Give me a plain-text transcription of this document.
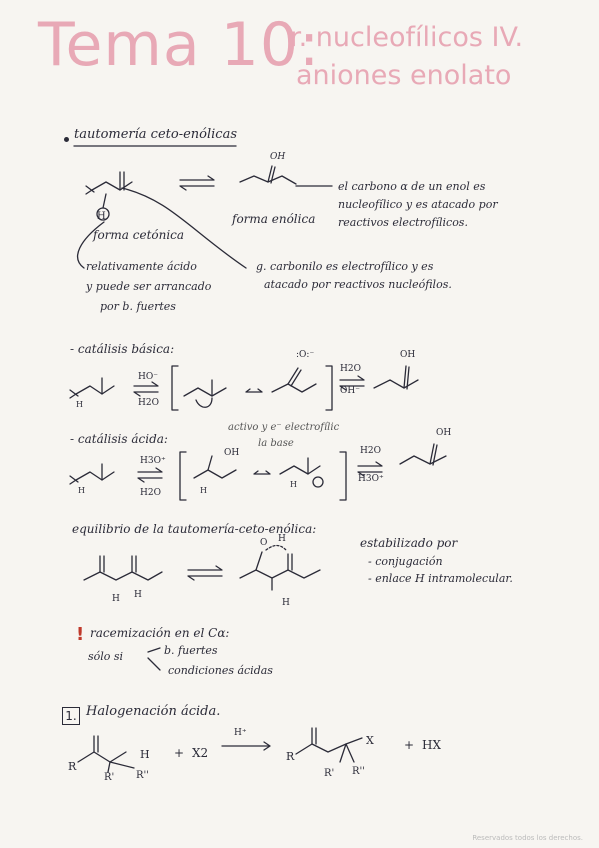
Tema 10:
r. nucleofílicos IV.
aniones enolato
tautomería ceto-enólicas
forma cetónica
forma enólica
OH
H
el carbono α de un enol es
nucleofílico y es atacado por
reactivos electrofílicos.
relativamente ácido
y puede ser arrancado
por b. fuertes
g. carbonilo es electrofílico y es
atacado por reactivos nucleófilos.
- catálisis básica:
HO⁻
H2O
H
:O:⁻
H2O
OH⁻
OH
- catálisis ácida:
activo y e⁻ electrofílic
la base
H3O⁺
H2O
OH
H	H
H
H2O
H3O⁺
OH
equilibrio de la tautomería-ceto-enólica:
estabilizado por
- conjugación
- enlace H intramolecular.
O H
H H
H
! racemización en el Cα:
sólo si	b. fuertes
condiciones ácidas
1. Halogenación ácida.
R
H
R' R''
+ X2
H⁺
R
X
R' R''
+ HX
Reservados todos los derechos.
